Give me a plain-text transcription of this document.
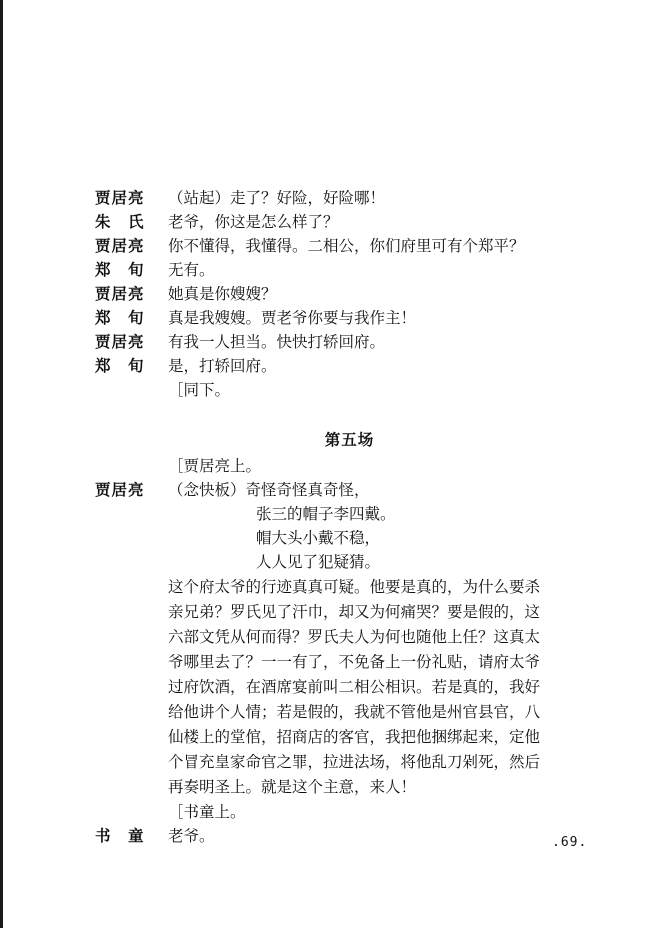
贾居亮	（站起）走了？好险，好险哪！
朱　氏	老爷，你这是怎么样了？
贾居亮	你不懂得，我懂得。二相公，你们府里可有个郑平？
郑　旬	无有。
贾居亮	她真是你嫂嫂？
郑　旬	真是我嫂嫂。贾老爷你要与我作主！
贾居亮	有我一人担当。快快打轿回府。
郑　旬	是，打轿回府。
［同下。
第五场
［贾居亮上。
贾居亮	（念快板）奇怪奇怪真奇怪，
张三的帽子李四戴。
帽大头小戴不稳，
人人见了犯疑猜。
这个府太爷的行迹真真可疑。他要是真的，为什么要杀
亲兄弟？罗氏见了汗巾，却又为何痛哭？要是假的，这
六部文凭从何而得？罗氏夫人为何也随他上任？这真太
爷哪里去了？一一有了，不免备上一份礼贴，请府太爷
过府饮酒，在酒席宴前叫二相公相识。若是真的，我好
给他讲个人情；若是假的，我就不管他是州官县官，八
仙楼上的堂倌，招商店的客官，我把他捆绑起来，定他
个冒充皇家命官之罪，拉进法场，将他乱刀剁死，然后
再奏明圣上。就是这个主意，来人！
［书童上。
书　童	老爷。	.69.
